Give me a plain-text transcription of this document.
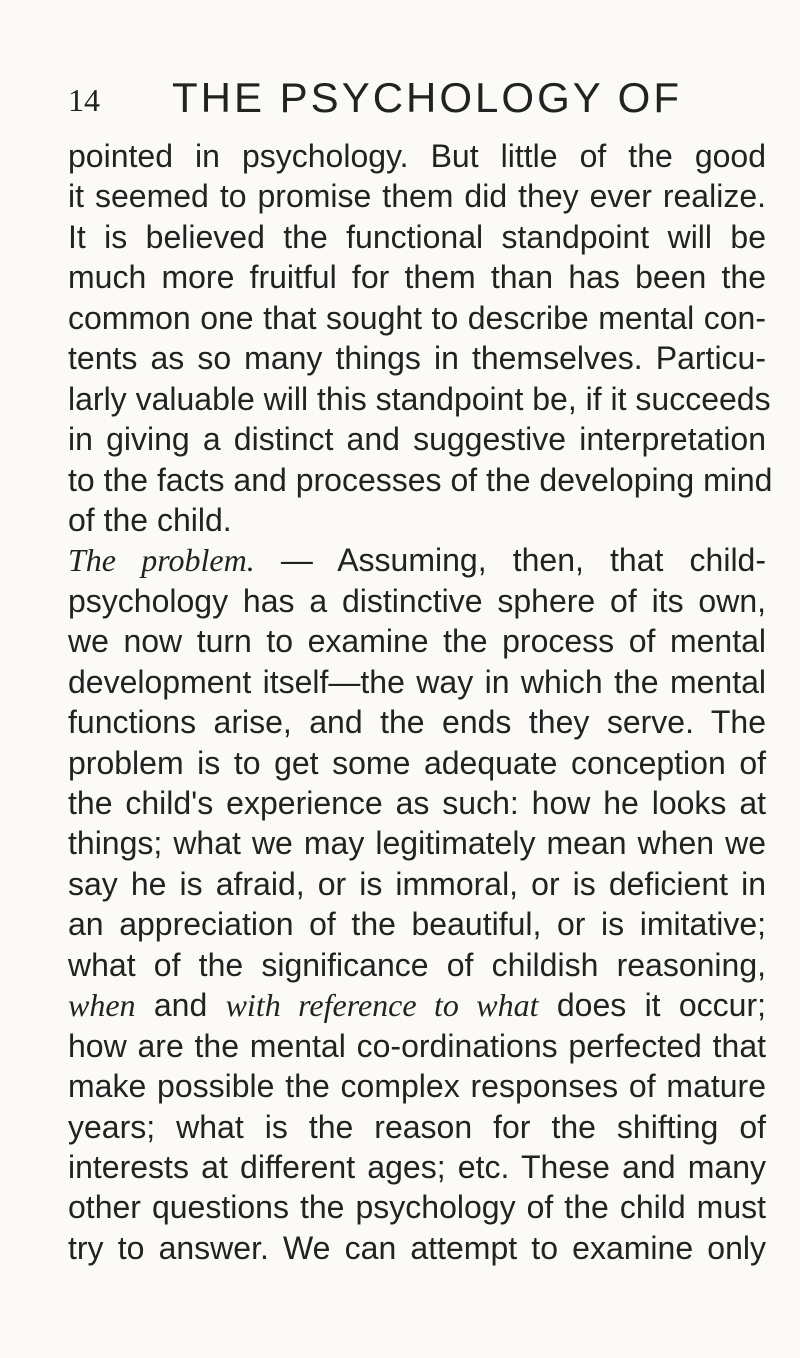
14 THE PSYCHOLOGY OF
pointed in psychology. But little of the good
it seemed to promise them did they ever realize.
It is believed the functional standpoint will be
much more fruitful for them than has been the
common one that sought to describe mental con-
tents as so many things in themselves. Particu-
larly valuable will this standpoint be, if it succeeds
in giving a distinct and suggestive interpretation
to the facts and processes of the developing mind
of the child.
The problem. — Assuming, then, that child-
psychology has a distinctive sphere of its own,
we now turn to examine the process of mental
development itself—the way in which the mental
functions arise, and the ends they serve. The
problem is to get some adequate conception of
the child's experience as such: how he looks at
things; what we may legitimately mean when we
say he is afraid, or is immoral, or is deficient in
an appreciation of the beautiful, or is imitative;
what of the significance of childish reasoning,
when and with reference to what does it occur;
how are the mental co-ordinations perfected that
make possible the complex responses of mature
years; what is the reason for the shifting of
interests at different ages; etc. These and many
other questions the psychology of the child must
try to answer. We can attempt to examine only
